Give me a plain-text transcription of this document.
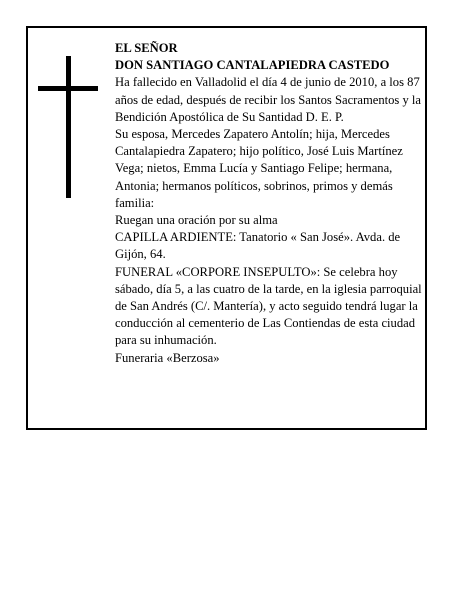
EL SEÑOR

DON SANTIAGO CANTALAPIEDRA CASTEDO

Ha fallecido en Valladolid el día 4 de junio de 2010, a los 87 años de edad, después de recibir los Santos Sacramentos y la Bendición Apostólica de Su Santidad D. E. P.

Su esposa, Mercedes Zapatero Antolín; hija, Mercedes Cantalapiedra Zapatero; hijo político, José Luis Martínez Vega; nietos, Emma Lucía y Santiago Felipe; hermana, Antonia; hermanos políticos, sobrinos, primos y demás familia:

Ruegan una oración por su alma

CAPILLA ARDIENTE: Tanatorio « San José». Avda. de Gijón, 64.

FUNERAL «CORPORE INSEPULTO»: Se celebra hoy sábado, día 5, a las cuatro de la tarde, en la iglesia parroquial de San Andrés (C/. Mantería), y acto seguido tendrá lugar la conducción al cementerio de Las Contiendas de esta ciudad para su inhumación.

Funeraria «Berzosa»
